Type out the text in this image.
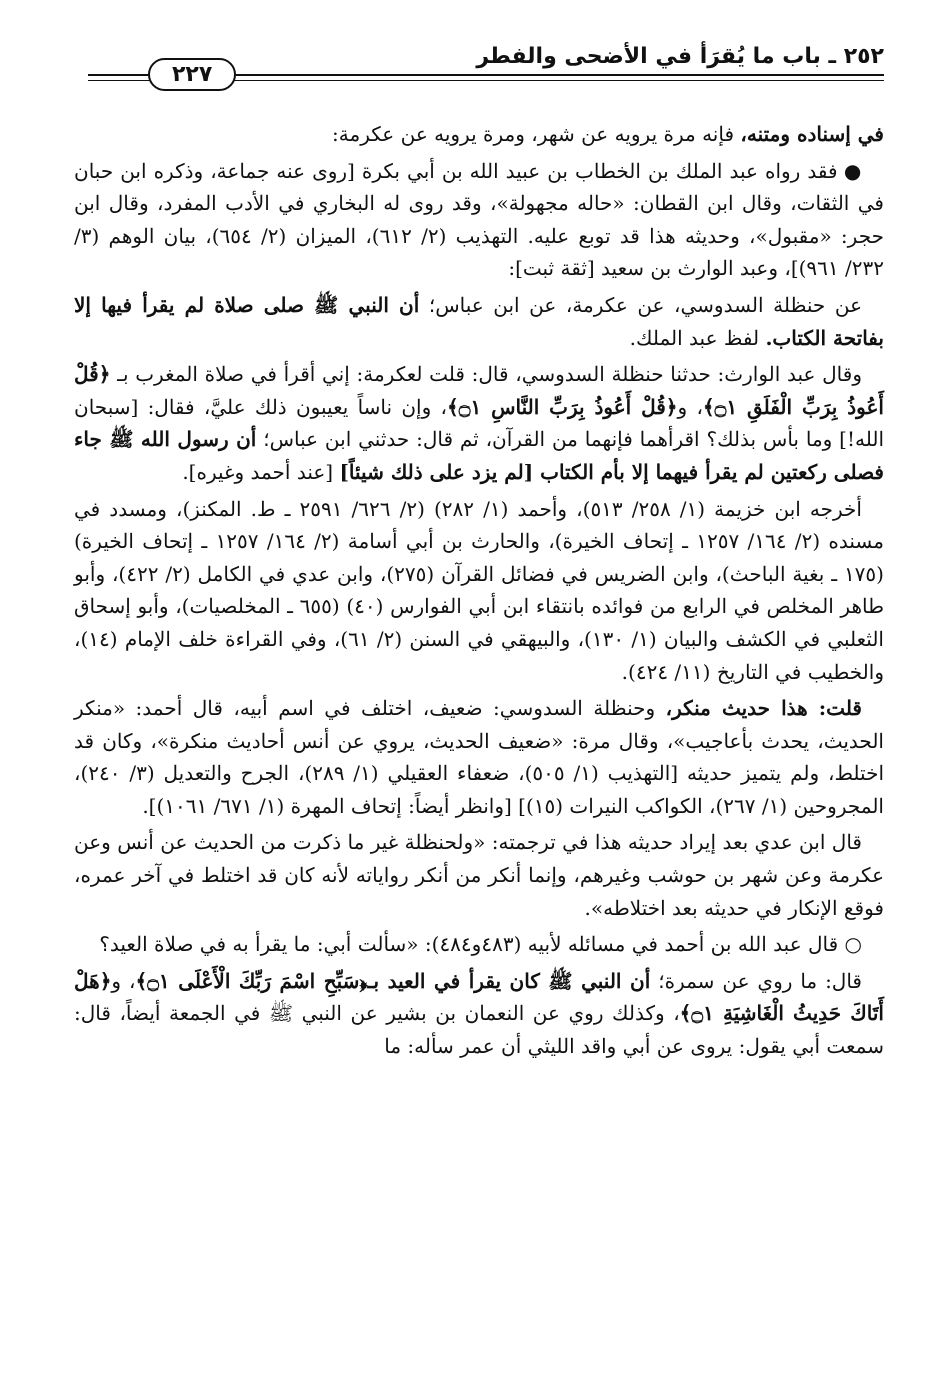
٢٥٢ ـ باب ما يُقرَأ في الأضحى والفطر
٢٢٧

في إسناده ومتنه، فإنه مرة يرويه عن شهر، ومرة يرويه عن عكرمة:

● فقد رواه عبد الملك بن الخطاب بن عبيد الله بن أبي بكرة [روى عنه جماعة، وذكره ابن حبان في الثقات، وقال ابن القطان: «حاله مجهولة»، وقد روى له البخاري في الأدب المفرد، وقال ابن حجر: «مقبول»، وحديثه هذا قد توبع عليه. التهذيب (٢/ ٦١٢)، الميزان (٢/ ٦٥٤)، بيان الوهم (٣/ ٢٣٢/ ٩٦١)]، وعبد الوارث بن سعيد [ثقة ثبت]:

عن حنظلة السدوسي، عن عكرمة، عن ابن عباس؛ أن النبي ﷺ صلى صلاة لم يقرأ فيها إلا بفاتحة الكتاب. لفظ عبد الملك.

وقال عبد الوارث: حدثنا حنظلة السدوسي، قال: قلت لعكرمة: إني أقرأ في صلاة المغرب بـ ﴿قُلْ أَعُوذُ بِرَبِّ الْفَلَقِ ۝١﴾، و﴿قُلْ أَعُوذُ بِرَبِّ النَّاسِ ۝١﴾، وإن ناساً يعيبون ذلك عليَّ، فقال: [سبحان الله!] وما بأس بذلك؟ اقرأهما فإنهما من القرآن، ثم قال: حدثني ابن عباس؛ أن رسول الله ﷺ جاء فصلى ركعتين لم يقرأ فيهما إلا بأم الكتاب [لم يزد على ذلك شيئاً] [عند أحمد وغيره].

أخرجه ابن خزيمة (١/ ٢٥٨/ ٥١٣)، وأحمد (١/ ٢٨٢) (٢/ ٦٢٦/ ٢٥٩١ ـ ط. المكنز)، ومسدد في مسنده (٢/ ١٦٤/ ١٢٥٧ ـ إتحاف الخيرة)، والحارث بن أبي أسامة (٢/ ١٦٤/ ١٢٥٧ ـ إتحاف الخيرة) (١٧٥ ـ بغية الباحث)، وابن الضريس في فضائل القرآن (٢٧٥)، وابن عدي في الكامل (٢/ ٤٢٢)، وأبو طاهر المخلص في الرابع من فوائده بانتقاء ابن أبي الفوارس (٤٠) (٦٥٥ ـ المخلصيات)، وأبو إسحاق الثعلبي في الكشف والبيان (١/ ١٣٠)، والبيهقي في السنن (٢/ ٦١)، وفي القراءة خلف الإمام (١٤)، والخطيب في التاريخ (١١/ ٤٢٤).

قلت: هذا حديث منكر، وحنظلة السدوسي: ضعيف، اختلف في اسم أبيه، قال أحمد: «منكر الحديث، يحدث بأعاجيب»، وقال مرة: «ضعيف الحديث، يروي عن أنس أحاديث منكرة»، وكان قد اختلط، ولم يتميز حديثه [التهذيب (١/ ٥٠٥)، ضعفاء العقيلي (١/ ٢٨٩)، الجرح والتعديل (٣/ ٢٤٠)، المجروحين (١/ ٢٦٧)، الكواكب النيرات (١٥)] [وانظر أيضاً: إتحاف المهرة (١/ ٦٧١/ ١٠٦١)].

قال ابن عدي بعد إيراد حديثه هذا في ترجمته: «ولحنظلة غير ما ذكرت من الحديث عن أنس وعن عكرمة وعن شهر بن حوشب وغيرهم، وإنما أنكر من أنكر رواياته لأنه كان قد اختلط في آخر عمره، فوقع الإنكار في حديثه بعد اختلاطه».

○ قال عبد الله بن أحمد في مسائله لأبيه (٤٨٣و٤٨٤): «سألت أبي: ما يقرأ به في صلاة العيد؟

قال: ما روي عن سمرة؛ أن النبي ﷺ كان يقرأ في العيد بـ﴿سَبِّحِ اسْمَ رَبِّكَ الْأَعْلَى ۝١﴾، و﴿هَلْ أَتَاكَ حَدِيثُ الْغَاشِيَةِ ۝١﴾، وكذلك روي عن النعمان بن بشير عن النبي ﷺ في الجمعة أيضاً، قال: سمعت أبي يقول: يروى عن أبي واقد الليثي أن عمر سأله: ما
